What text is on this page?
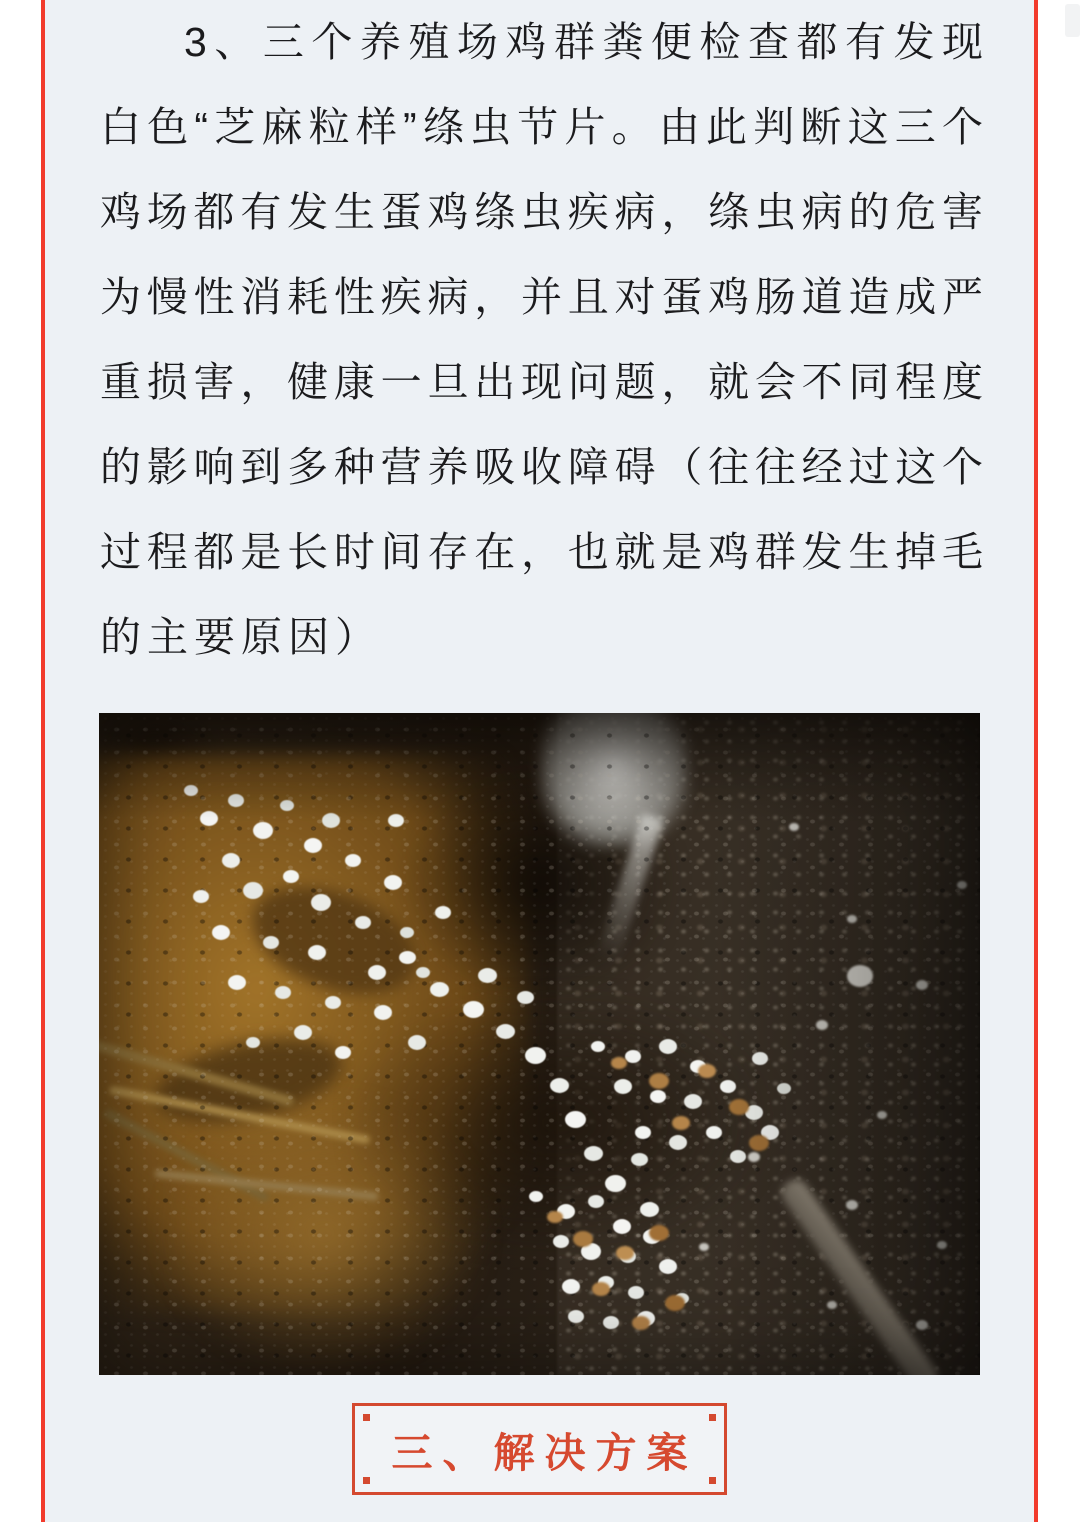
3、三个养殖场鸡群粪便检查都有发现
白色“芝麻粒样”绦虫节片。由此判断这三个
鸡场都有发生蛋鸡绦虫疾病，绦虫病的危害
为慢性消耗性疾病，并且对蛋鸡肠道造成严
重损害，健康一旦出现问题，就会不同程度
的影响到多种营养吸收障碍（往往经过这个
过程都是长时间存在，也就是鸡群发生掉毛
的主要原因）
三、解决方案
